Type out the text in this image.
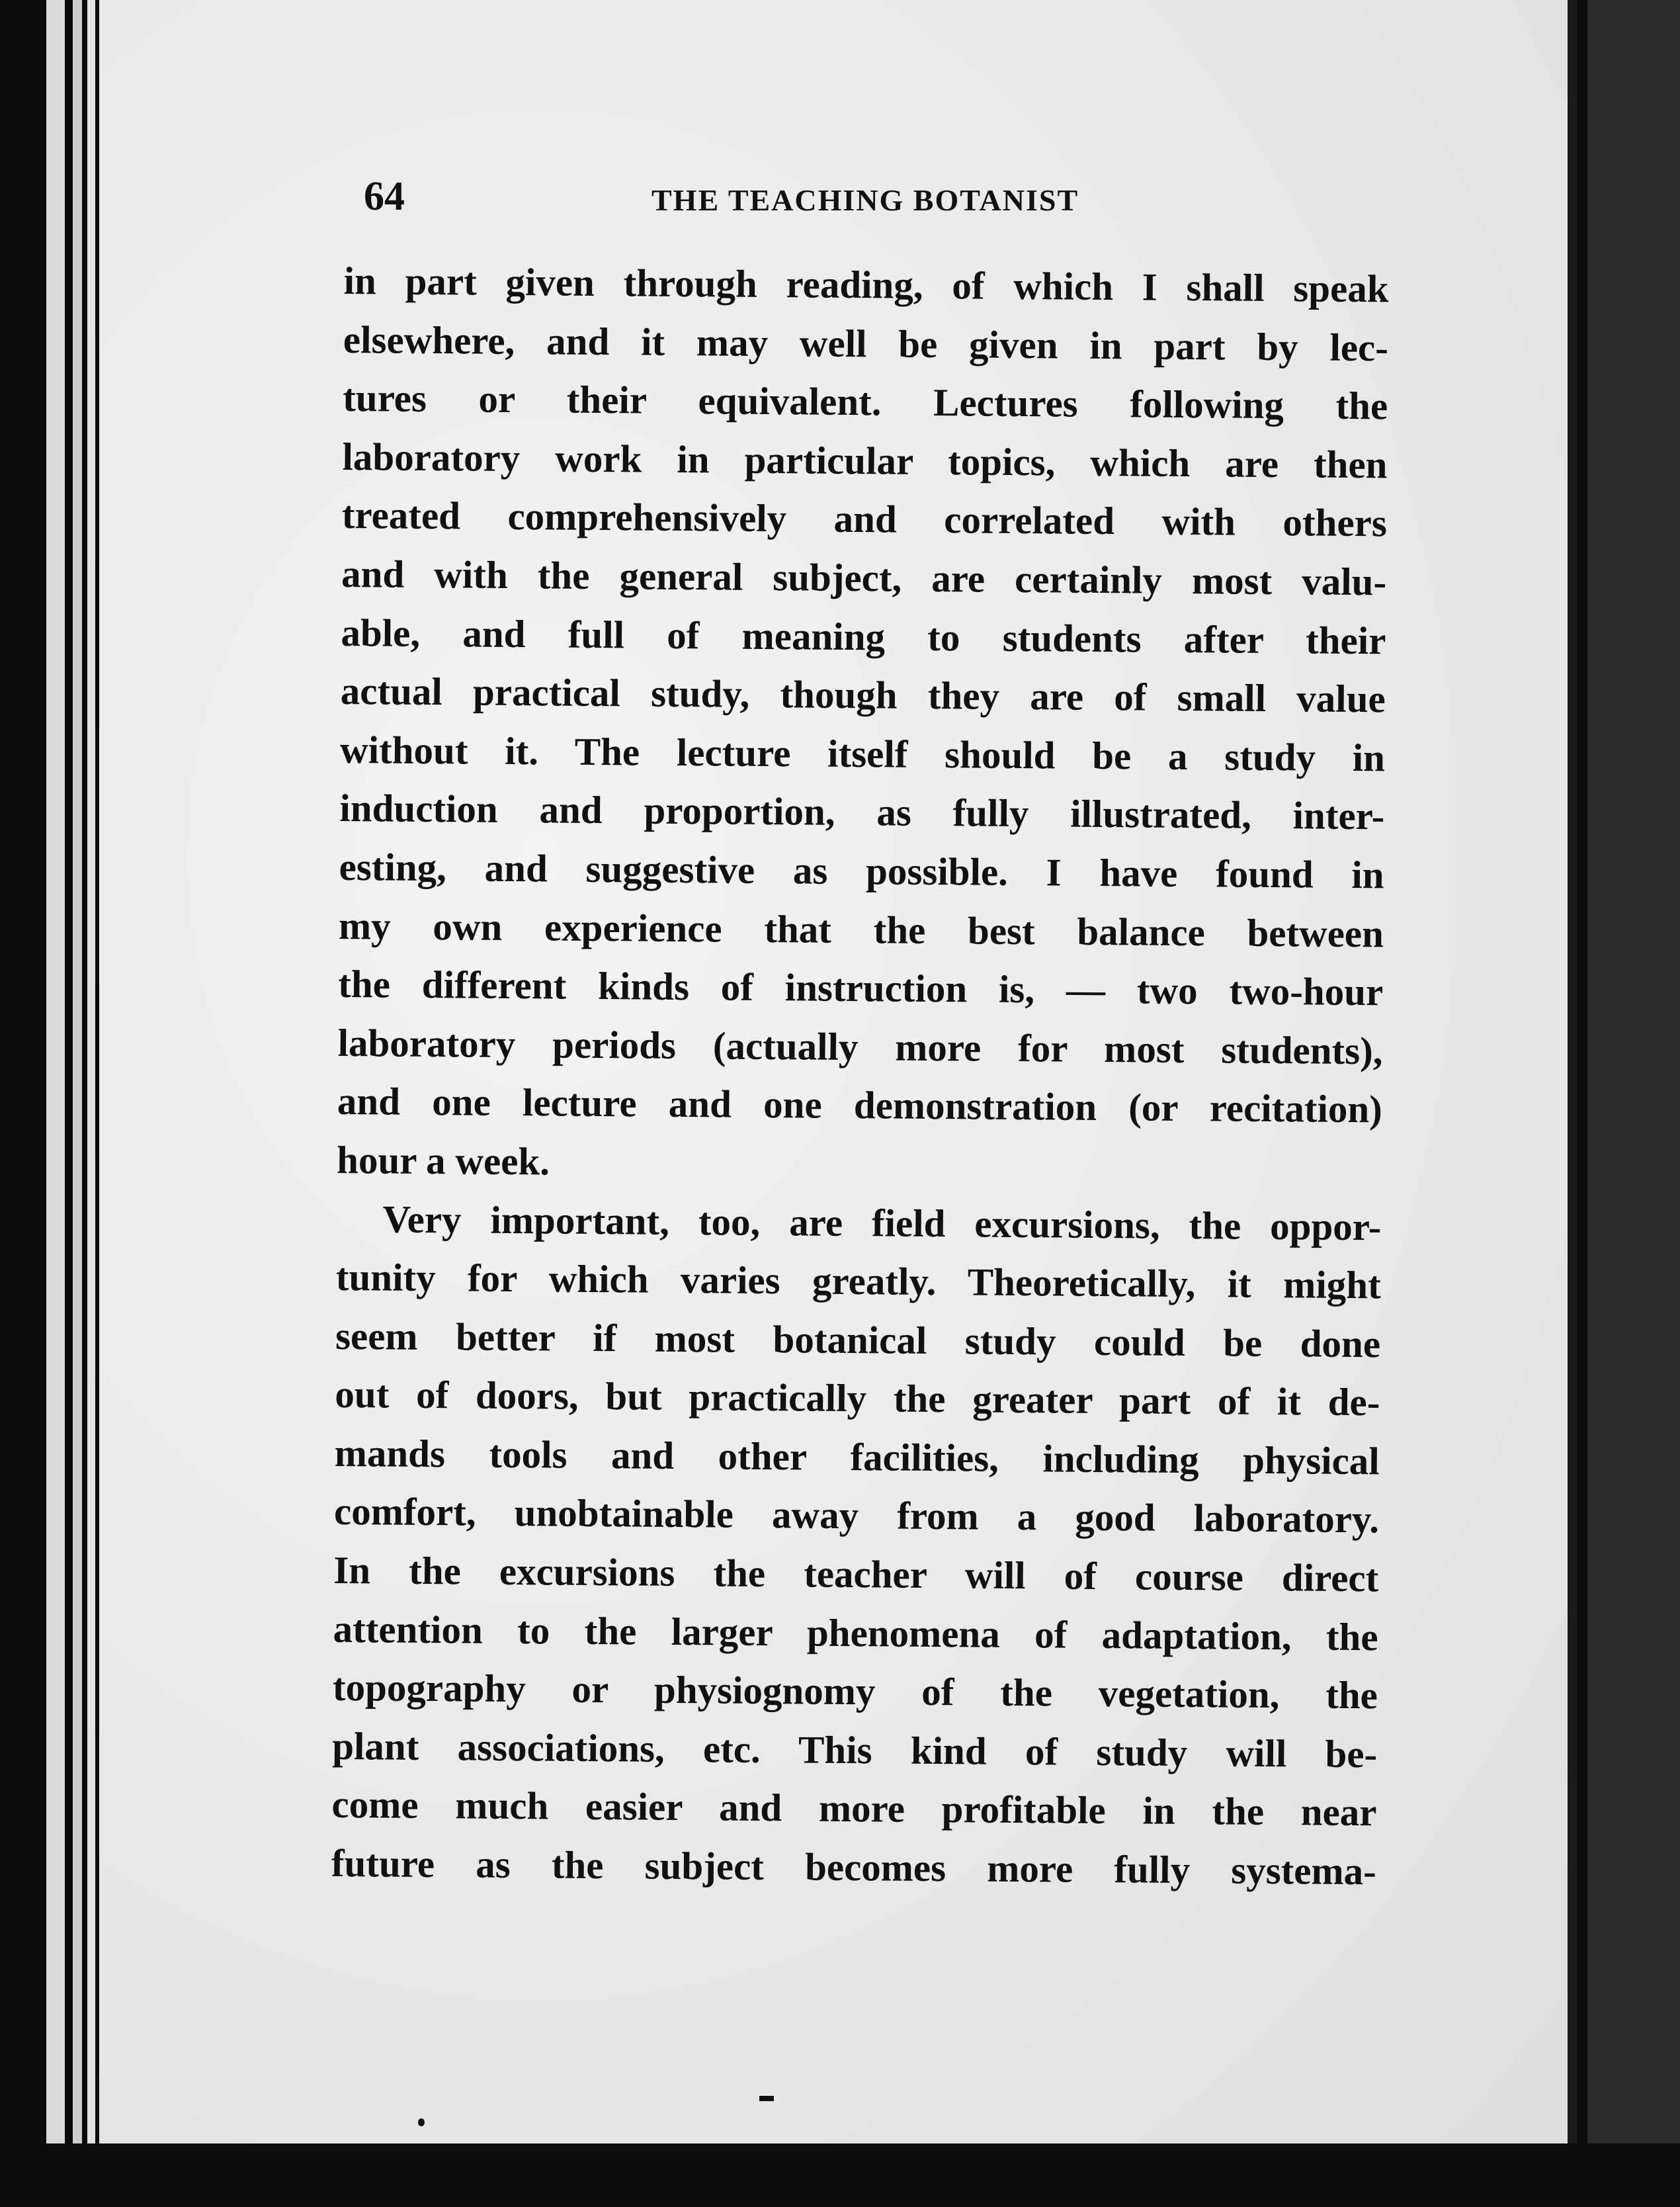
64	THE TEACHING BOTANIST
in part given through reading, of which I shall speak
elsewhere, and it may well be given in part by lec-
tures or their equivalent. Lectures following the
laboratory work in particular topics, which are then
treated comprehensively and correlated with others
and with the general subject, are certainly most valu-
able, and full of meaning to students after their
actual practical study, though they are of small value
without it. The lecture itself should be a study in
induction and proportion, as fully illustrated, inter-
esting, and suggestive as possible. I have found in
my own experience that the best balance between
the different kinds of instruction is, — two two-hour
laboratory periods (actually more for most students),
and one lecture and one demonstration (or recitation)
hour a week.
Very important, too, are field excursions, the oppor-
tunity for which varies greatly. Theoretically, it might
seem better if most botanical study could be done
out of doors, but practically the greater part of it de-
mands tools and other facilities, including physical
comfort, unobtainable away from a good laboratory.
In the excursions the teacher will of course direct
attention to the larger phenomena of adaptation, the
topography or physiognomy of the vegetation, the
plant associations, etc. This kind of study will be-
come much easier and more profitable in the near
future as the subject becomes more fully systema-
